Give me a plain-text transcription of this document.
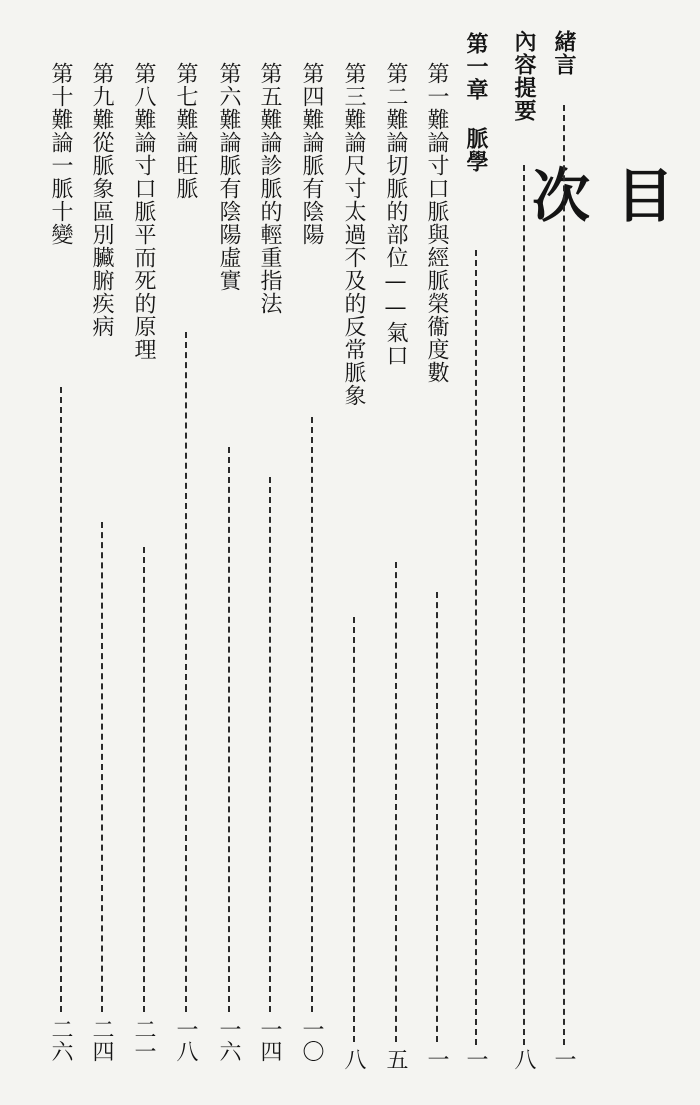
目次
緒言
一
內容提要
八
第一章 脈學
一
第一難論寸口脈與經脈榮衞度數
一
第二難論切脈的部位——氣口
五
第三難論尺寸太過不及的反常脈象
八
第四難論脈有陰陽
一〇
第五難論診脈的輕重指法
一四
第六難論脈有陰陽虛實
一六
第七難論旺脈
一八
第八難論寸口脈平而死的原理
二一
第九難從脈象區別臟腑疾病
二四
第十難論一脈十變
二六
